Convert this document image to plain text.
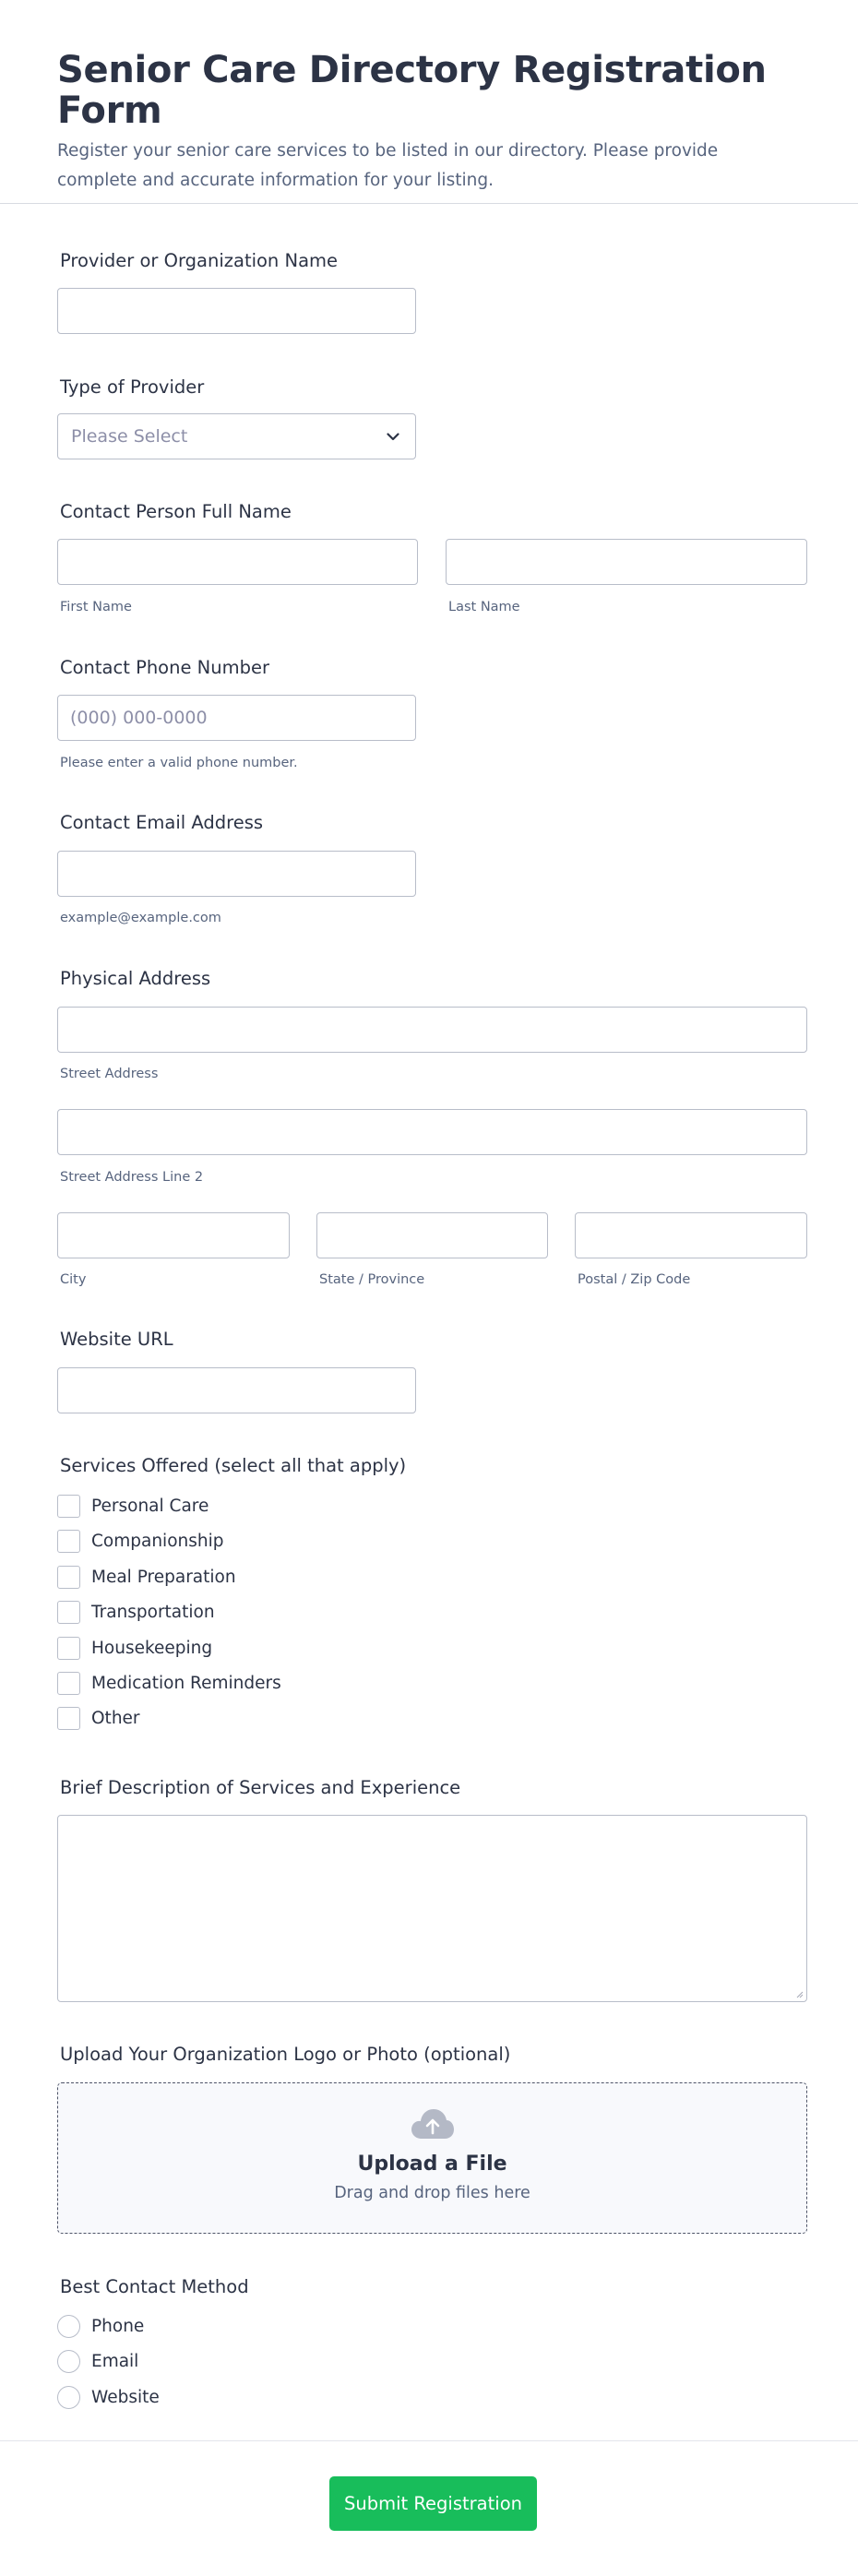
Senior Care Directory Registration Form

Register your senior care services to be listed in our directory. Please provide complete and accurate information for your listing.

Provider or Organization Name
Type of Provider
Please Select
Contact Person Full Name
First Name	Last Name
Contact Phone Number
(000) 000-0000
Please enter a valid phone number.
Contact Email Address
example@example.com
Physical Address
Street Address
Street Address Line 2
City	State / Province	Postal / Zip Code
Website URL
Services Offered (select all that apply)
Personal Care
Companionship
Meal Preparation
Transportation
Housekeeping
Medication Reminders
Other
Brief Description of Services and Experience
Upload Your Organization Logo or Photo (optional)
Upload a File
Drag and drop files here
Best Contact Method
Phone
Email
Website
Submit Registration
